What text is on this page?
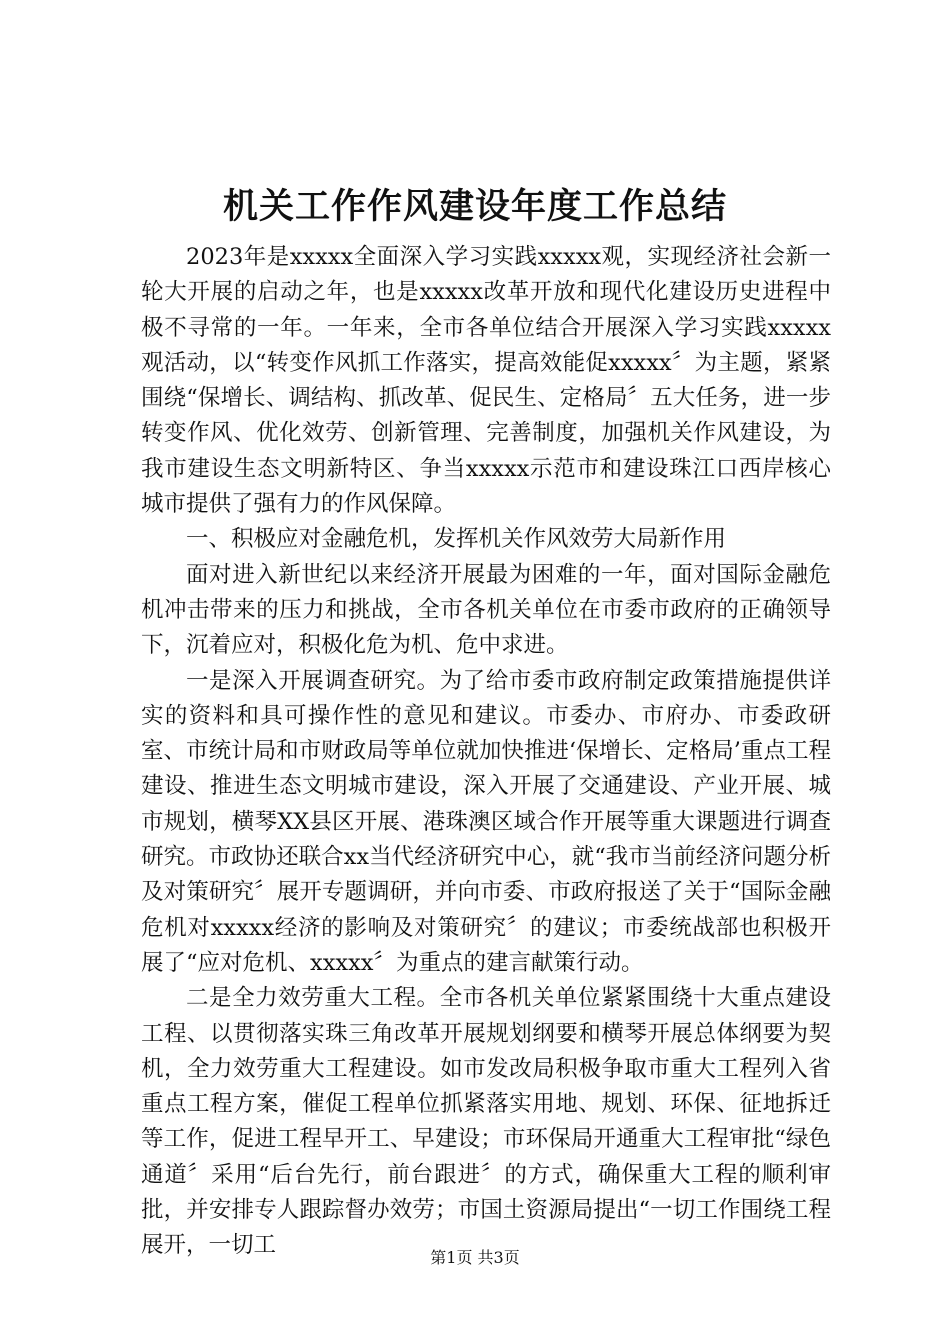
机关工作作风建设年度工作总结

2023年是xxxxx全面深入学习实践xxxxx观，实现经济社会新一轮大开展的启动之年，也是xxxxx改革开放和现代化建设历史进程中极不寻常的一年。一年来，全市各单位结合开展深入学习实践xxxxx观活动，以“转变作风抓工作落实，提高效能促xxxxx〞为主题，紧紧围绕“保增长、调结构、抓改革、促民生、定格局〞五大任务，进一步转变作风、优化效劳、创新管理、完善制度，加强机关作风建设，为我市建设生态文明新特区、争当xxxxx示范市和建设珠江口西岸核心城市提供了强有力的作风保障。

一、积极应对金融危机，发挥机关作风效劳大局新作用

面对进入新世纪以来经济开展最为困难的一年，面对国际金融危机冲击带来的压力和挑战，全市各机关单位在市委市政府的正确领导下，沉着应对，积极化危为机、危中求进。

一是深入开展调查研究。为了给市委市政府制定政策措施提供详实的资料和具可操作性的意见和建议。市委办、市府办、市委政研室、市统计局和市财政局等单位就加快推进‘保增长、定格局’重点工程建设、推进生态文明城市建设，深入开展了交通建设、产业开展、城市规划，横琴XX县区开展、港珠澳区域合作开展等重大课题进行调查研究。市政协还联合xx当代经济研究中心，就“我市当前经济问题分析及对策研究〞展开专题调研，并向市委、市政府报送了关于“国际金融危机对xxxxx经济的影响及对策研究〞的建议；市委统战部也积极开展了“应对危机、xxxxx〞为重点的建言献策行动。

二是全力效劳重大工程。全市各机关单位紧紧围绕十大重点建设工程、以贯彻落实珠三角改革开展规划纲要和横琴开展总体纲要为契机，全力效劳重大工程建设。如市发改局积极争取市重大工程列入省重点工程方案，催促工程单位抓紧落实用地、规划、环保、征地拆迁等工作，促进工程早开工、早建设；市环保局开通重大工程审批“绿色通道〞采用“后台先行，前台跟进〞的方式，确保重大工程的顺利审批，并安排专人跟踪督办效劳；市国土资源局提出“一切工作围绕工程展开，一切工	第1页 共3页
